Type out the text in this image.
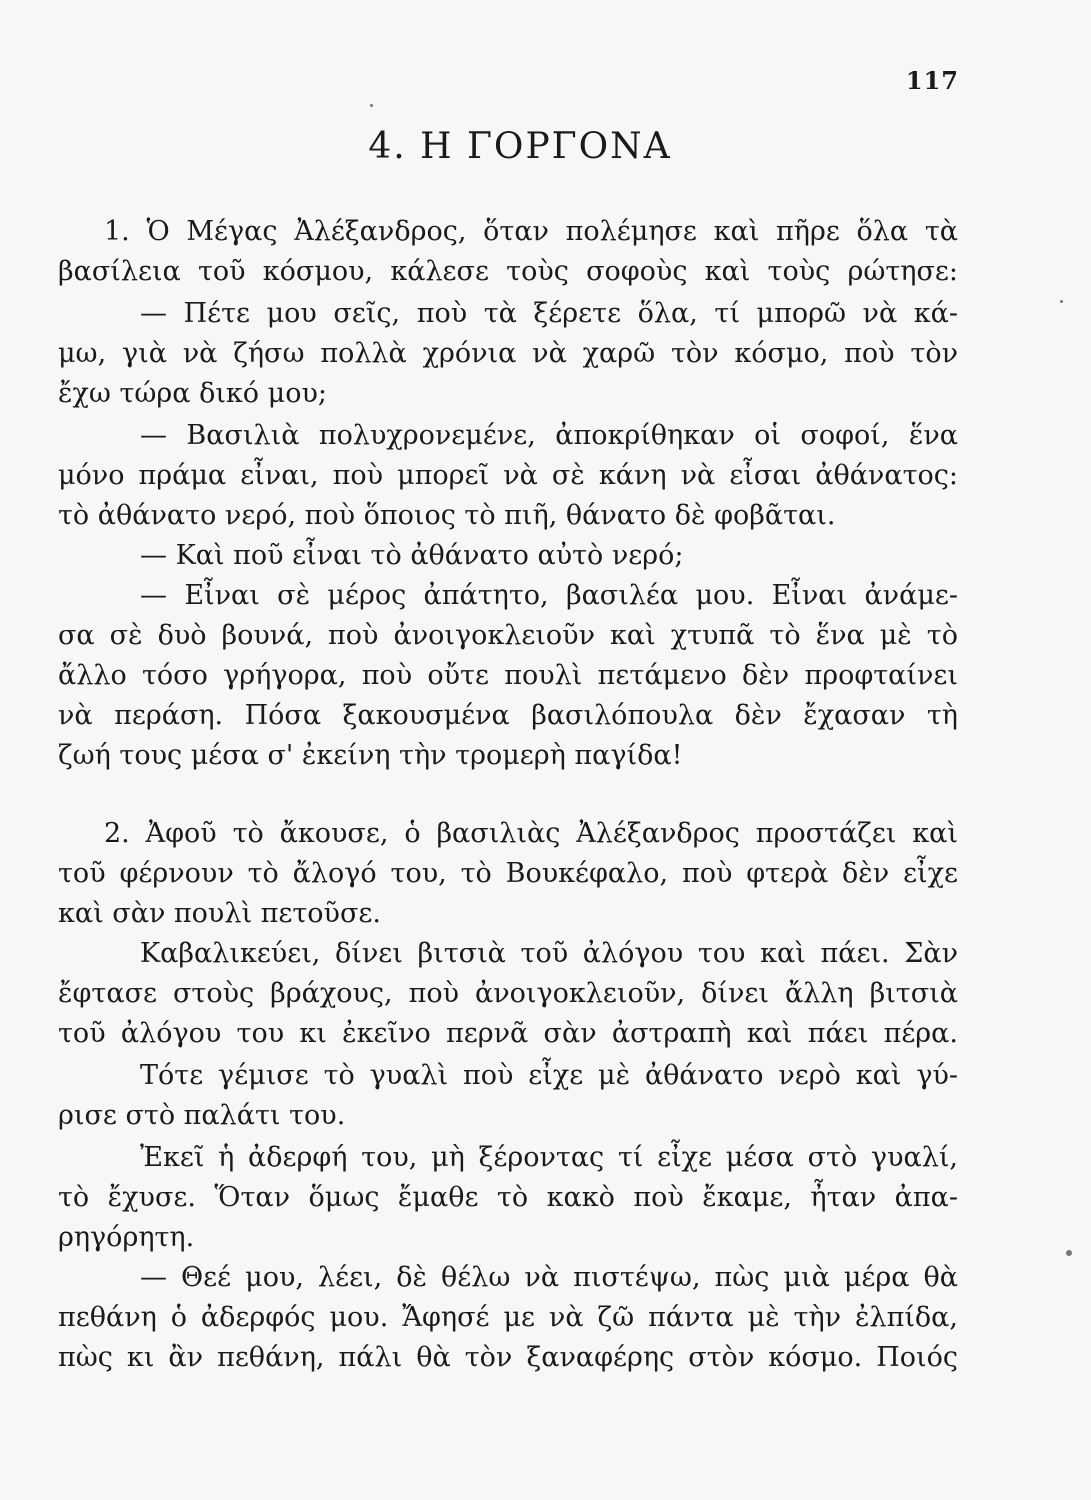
117
4. Η ΓΟΡΓΟΝΑ
1. Ὁ Μέγας Ἀλέξανδρος, ὅταν πολέμησε καὶ πῆρε ὅλα τὰ
βασίλεια τοῦ κόσμου, κάλεσε τοὺς σοφοὺς καὶ τοὺς ρώτησε:
— Πέτε μου σεῖς, ποὺ τὰ ξέρετε ὅλα, τί μπορῶ νὰ κά-
μω, γιὰ νὰ ζήσω πολλὰ χρόνια νὰ χαρῶ τὸν κόσμο, ποὺ τὸν
ἔχω τώρα δικό μου;
— Βασιλιὰ πολυχρονεμένε, ἀποκρίθηκαν οἱ σοφοί, ἕνα
μόνο πράμα εἶναι, ποὺ μπορεῖ νὰ σὲ κάνη νὰ εἶσαι ἀθάνατος:
τὸ ἀθάνατο νερό, ποὺ ὅποιος τὸ πιῆ, θάνατο δὲ φοβᾶται.
— Καὶ ποῦ εἶναι τὸ ἀθάνατο αὐτὸ νερό;
— Εἶναι σὲ μέρος ἀπάτητο, βασιλέα μου. Εἶναι ἀνάμε-
σα σὲ δυὸ βουνά, ποὺ ἀνοιγοκλειοῦν καὶ χτυπᾶ τὸ ἕνα μὲ τὸ
ἄλλο τόσο γρήγορα, ποὺ οὔτε πουλὶ πετάμενο δὲν προφταίνει
νὰ περάση. Πόσα ξακουσμένα βασιλόπουλα δὲν ἔχασαν τὴ
ζωή τους μέσα σ' ἐκείνη τὴν τρομερὴ παγίδα!
2. Ἀφοῦ τὸ ἄκουσε, ὁ βασιλιὰς Ἀλέξανδρος προστάζει καὶ
τοῦ φέρνουν τὸ ἄλογό του, τὸ Βουκέφαλο, ποὺ φτερὰ δὲν εἶχε
καὶ σὰν πουλὶ πετοῦσε.
Καβαλικεύει, δίνει βιτσιὰ τοῦ ἀλόγου του καὶ πάει. Σὰν
ἔφτασε στοὺς βράχους, ποὺ ἀνοιγοκλειοῦν, δίνει ἄλλη βιτσιὰ
τοῦ ἀλόγου του κι ἐκεῖνο περνᾶ σὰν ἀστραπὴ καὶ πάει πέρα.
Τότε γέμισε τὸ γυαλὶ ποὺ εἶχε μὲ ἀθάνατο νερὸ καὶ γύ-
ρισε στὸ παλάτι του.
Ἐκεῖ ἡ ἀδερφή του, μὴ ξέροντας τί εἶχε μέσα στὸ γυαλί,
τὸ ἔχυσε. Ὅταν ὅμως ἔμαθε τὸ κακὸ ποὺ ἔκαμε, ἦταν ἀπα-
ρηγόρητη.
— Θεέ μου, λέει, δὲ θέλω νὰ πιστέψω, πὼς μιὰ μέρα θὰ
πεθάνη ὁ ἀδερφός μου. Ἄφησέ με νὰ ζῶ πάντα μὲ τὴν ἐλπίδα,
πὼς κι ἂν πεθάνη, πάλι θὰ τὸν ξαναφέρης στὸν κόσμο. Ποιός
